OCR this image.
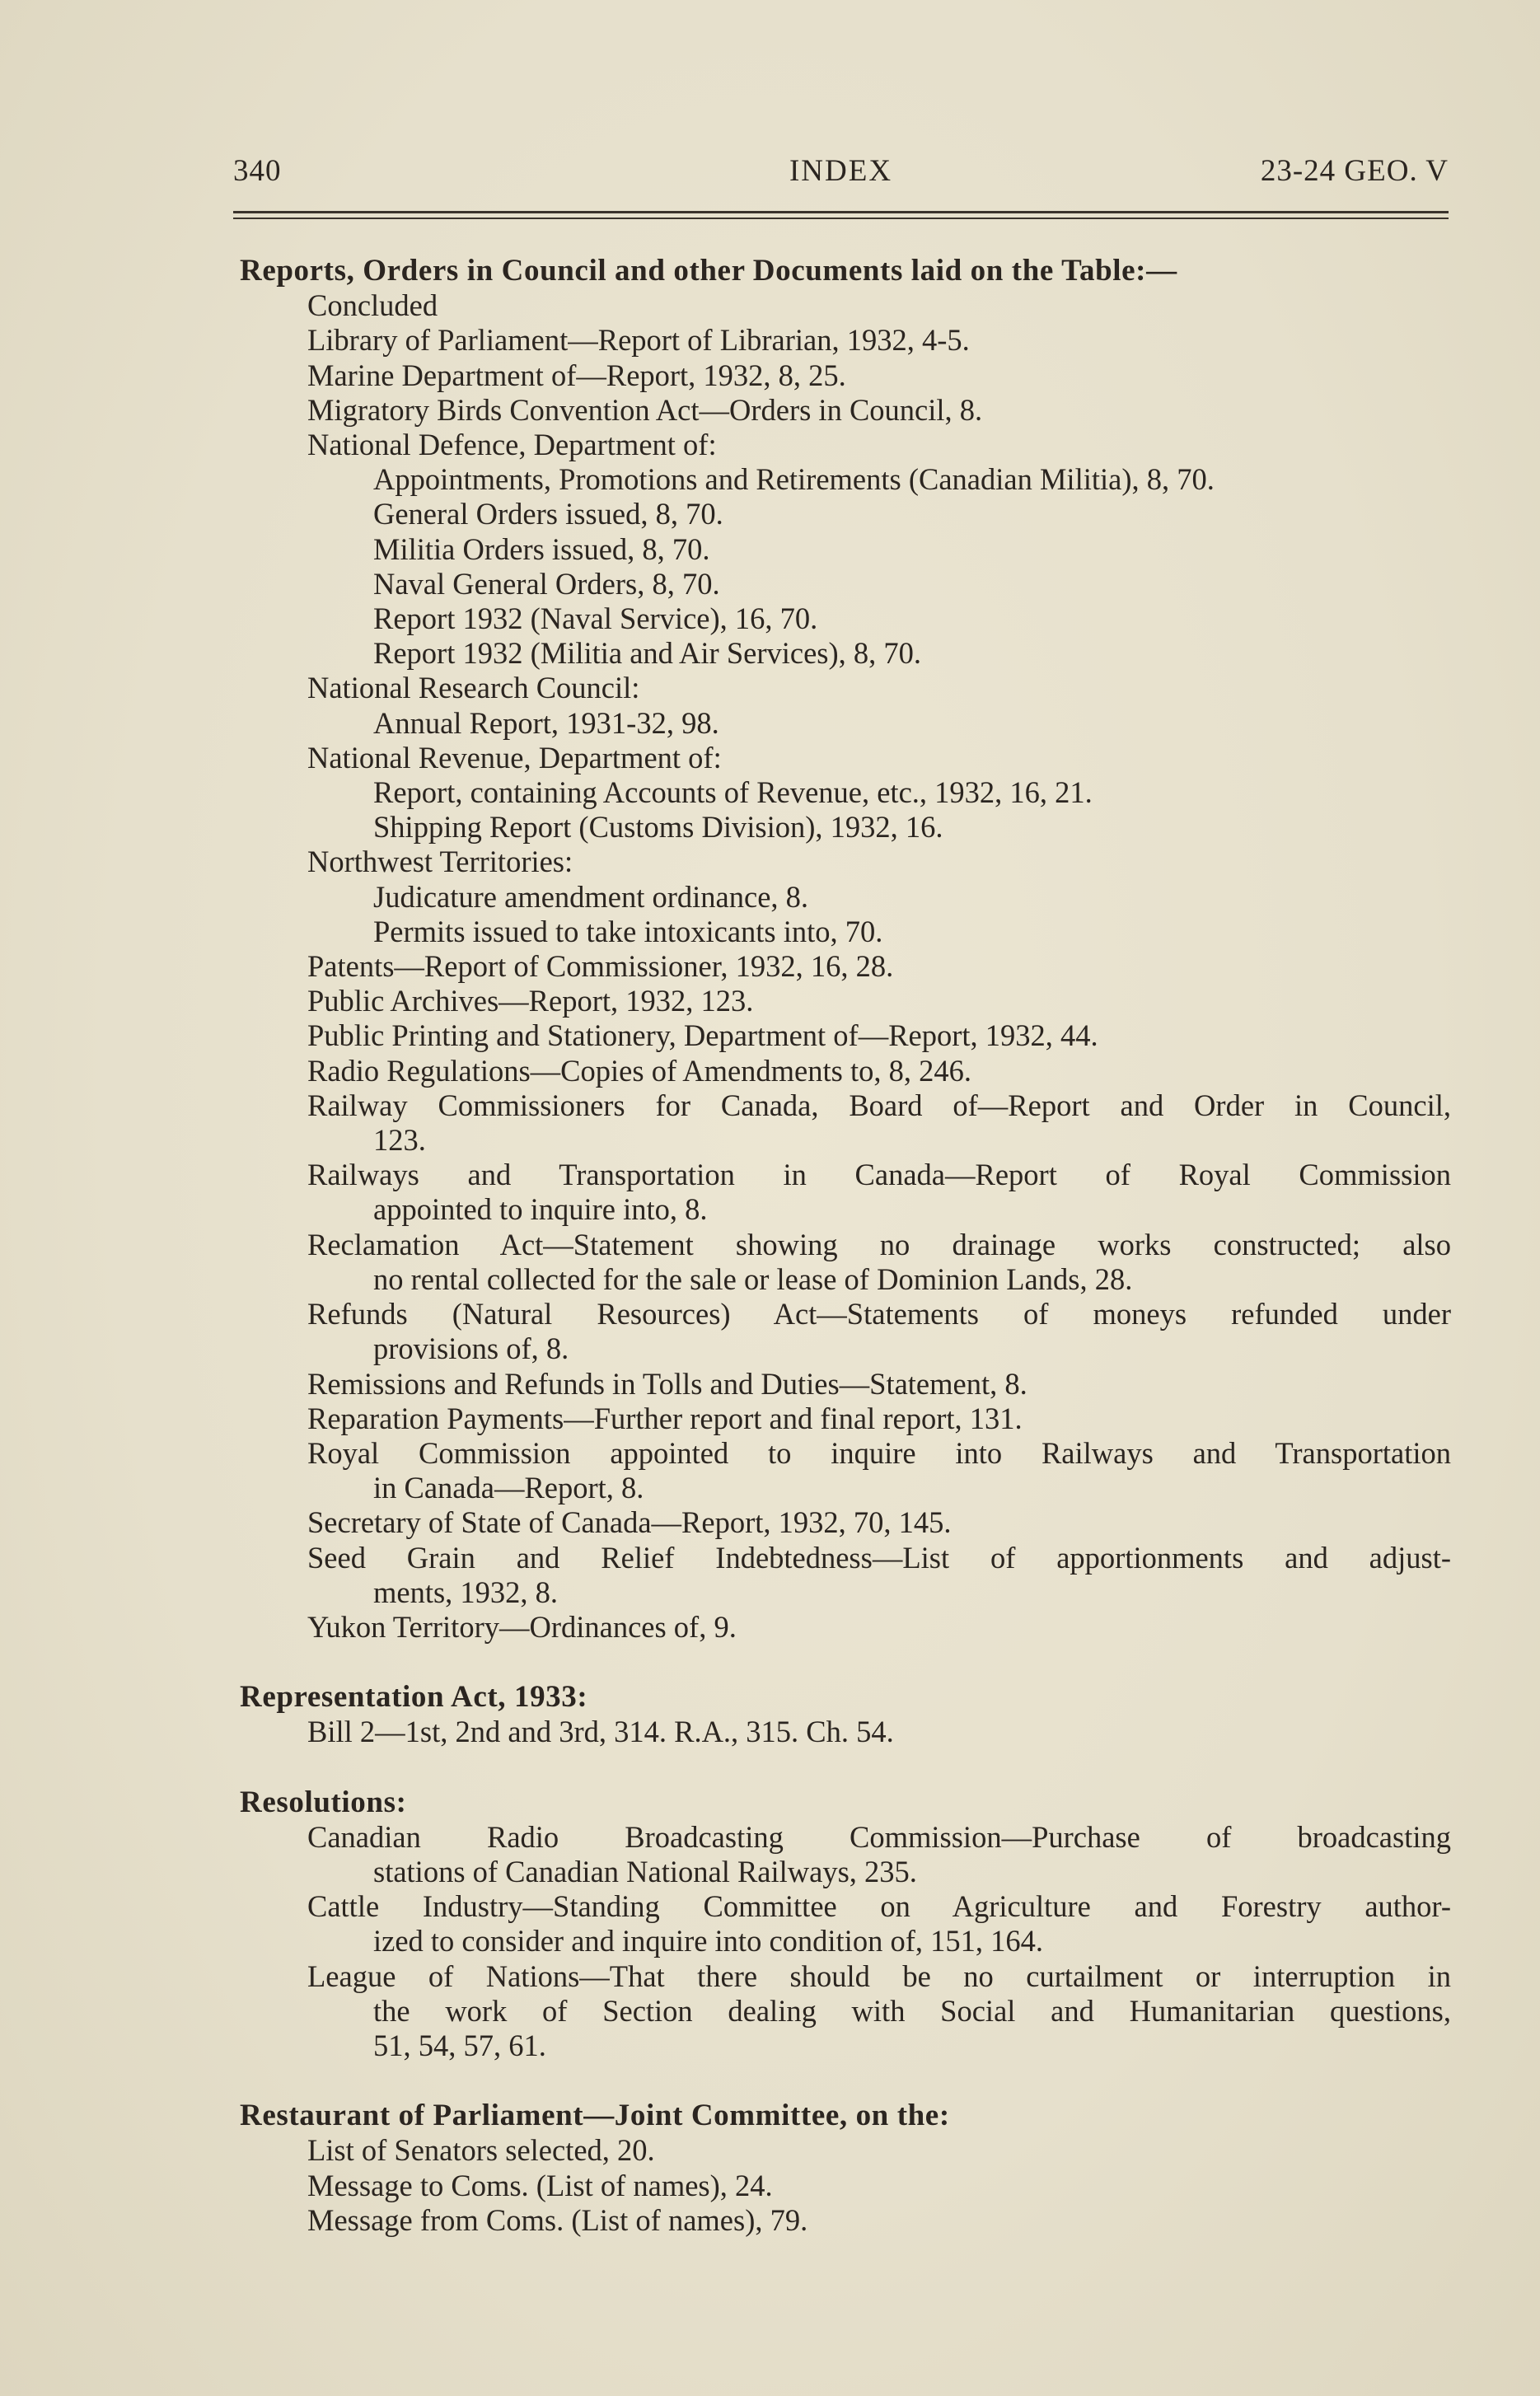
340	INDEX	23-24 GEO. V
Reports, Orders in Council and other Documents laid on the Table:—
Concluded
Library of Parliament—Report of Librarian, 1932, 4-5.
Marine Department of—Report, 1932, 8, 25.
Migratory Birds Convention Act—Orders in Council, 8.
National Defence, Department of:
Appointments, Promotions and Retirements (Canadian Militia), 8, 70.
General Orders issued, 8, 70.
Militia Orders issued, 8, 70.
Naval General Orders, 8, 70.
Report 1932 (Naval Service), 16, 70.
Report 1932 (Militia and Air Services), 8, 70.
National Research Council:
Annual Report, 1931-32, 98.
National Revenue, Department of:
Report, containing Accounts of Revenue, etc., 1932, 16, 21.
Shipping Report (Customs Division), 1932, 16.
Northwest Territories:
Judicature amendment ordinance, 8.
Permits issued to take intoxicants into, 70.
Patents—Report of Commissioner, 1932, 16, 28.
Public Archives—Report, 1932, 123.
Public Printing and Stationery, Department of—Report, 1932, 44.
Radio Regulations—Copies of Amendments to, 8, 246.
Railway Commissioners for Canada, Board of—Report and Order in Council,
123.
Railways and Transportation in Canada—Report of Royal Commission
appointed to inquire into, 8.
Reclamation Act—Statement showing no drainage works constructed; also
no rental collected for the sale or lease of Dominion Lands, 28.
Refunds (Natural Resources) Act—Statements of moneys refunded under
provisions of, 8.
Remissions and Refunds in Tolls and Duties—Statement, 8.
Reparation Payments—Further report and final report, 131.
Royal Commission appointed to inquire into Railways and Transportation
in Canada—Report, 8.
Secretary of State of Canada—Report, 1932, 70, 145.
Seed Grain and Relief Indebtedness—List of apportionments and adjust-
ments, 1932, 8.
Yukon Territory—Ordinances of, 9.
Representation Act, 1933:
Bill 2—1st, 2nd and 3rd, 314. R.A., 315. Ch. 54.
Resolutions:
Canadian Radio Broadcasting Commission—Purchase of broadcasting
stations of Canadian National Railways, 235.
Cattle Industry—Standing Committee on Agriculture and Forestry author-
ized to consider and inquire into condition of, 151, 164.
League of Nations—That there should be no curtailment or interruption in
the work of Section dealing with Social and Humanitarian questions,
51, 54, 57, 61.
Restaurant of Parliament—Joint Committee, on the:
List of Senators selected, 20.
Message to Coms. (List of names), 24.
Message from Coms. (List of names), 79.
